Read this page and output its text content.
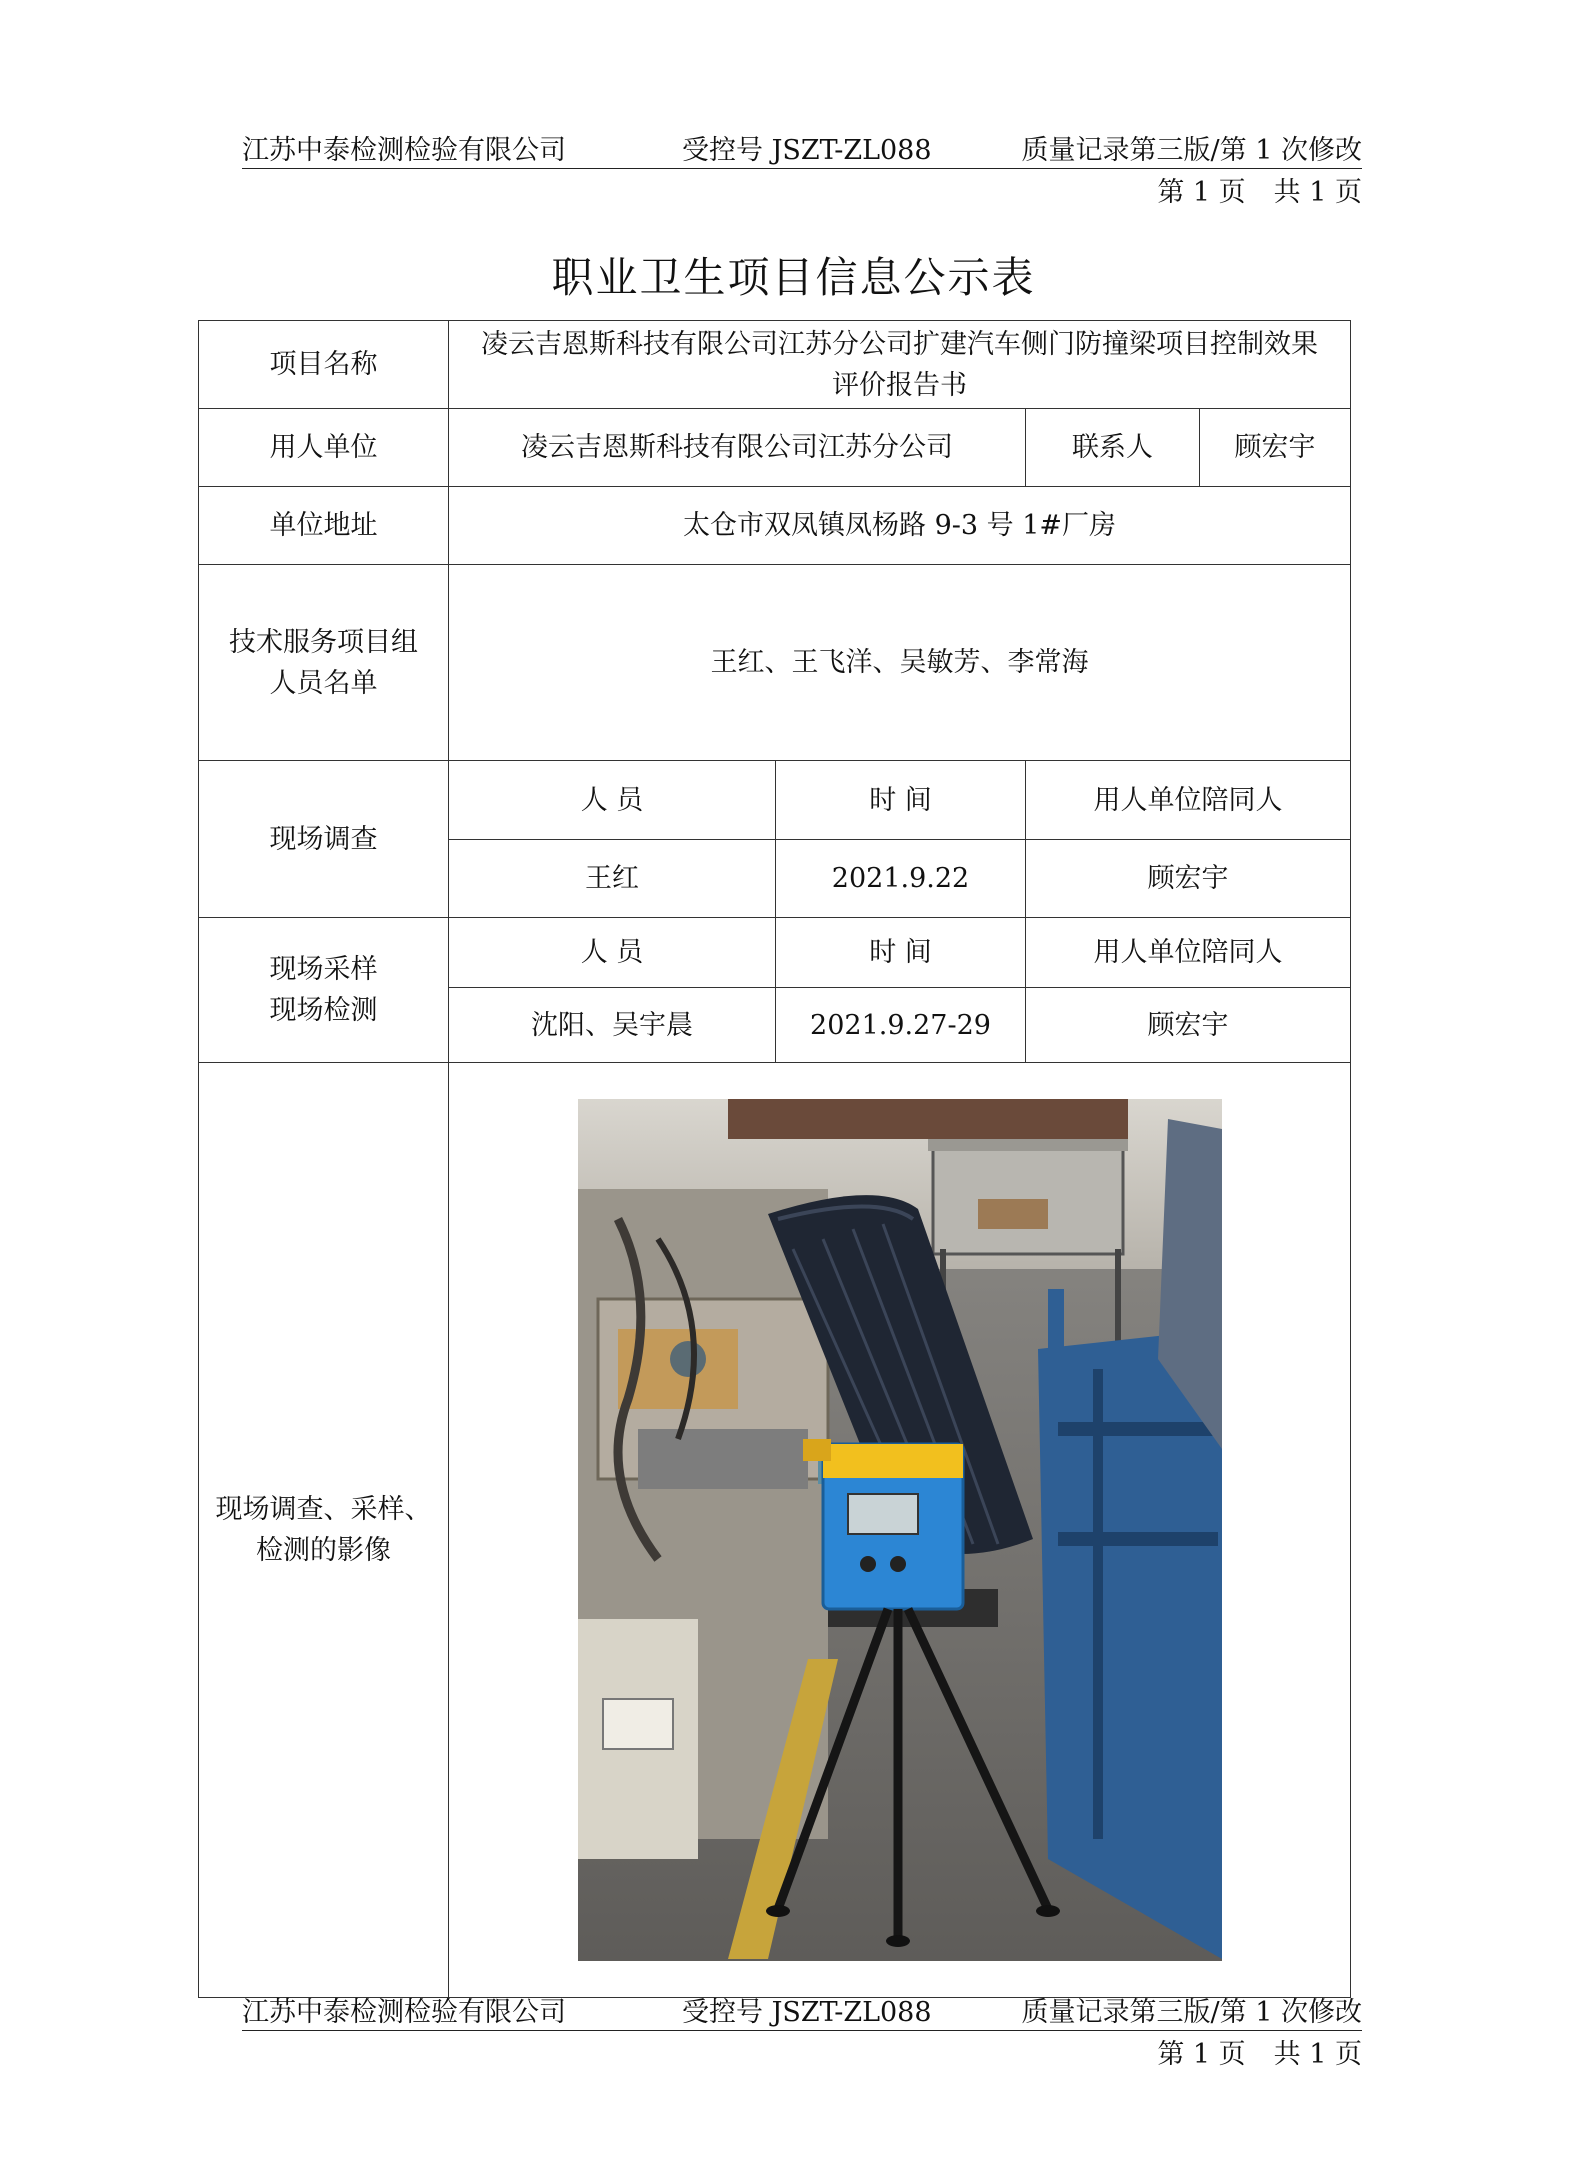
江苏中泰检测检验有限公司	受控号 JSZT-ZL088	质量记录第三版/第 1 次修改
第 1 页 共 1 页
职业卫生项目信息公示表
项目名称	凌云吉恩斯科技有限公司江苏分公司扩建汽车侧门防撞梁项目控制效果评价报告书			
用人单位	凌云吉恩斯科技有限公司江苏分公司		联系人	顾宏宇
单位地址	太仓市双凤镇凤杨路 9-3 号 1#厂房			

技术服务项目组
人员名单	王红、王飞洋、吴敏芳、李常海			
现场调查	人 员	时 间	用人单位陪同人	
	王红	2021.9.22	顾宏宇	

现场采样
现场检测	人 员	时 间	用人单位陪同人	
	沈阳、吴宇晨	2021.9.27-29	顾宏宇	

现场调查、采样、
检测的影像

江苏中泰检测检验有限公司	受控号 JSZT-ZL088	质量记录第三版/第 1 次修改
第 1 页 共 1 页
